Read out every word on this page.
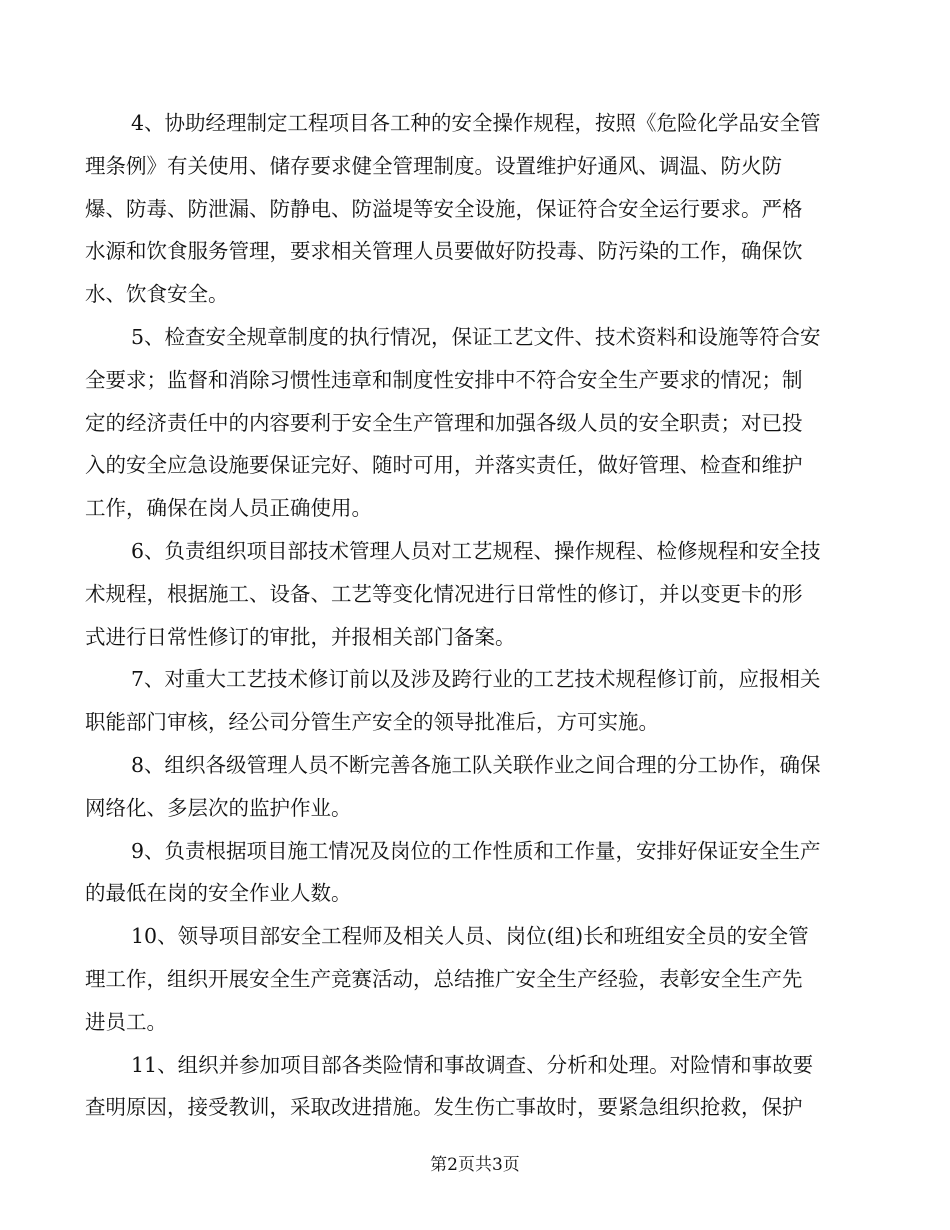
4、协助经理制定工程项目各工种的安全操作规程，按照《危险化学品安全管
理条例》有关使用、储存要求健全管理制度。设置维护好通风、调温、防火防
爆、防毒、防泄漏、防静电、防溢堤等安全设施，保证符合安全运行要求。严格
水源和饮食服务管理，要求相关管理人员要做好防投毒、防污染的工作，确保饮
水、饮食安全。
5、检查安全规章制度的执行情况，保证工艺文件、技术资料和设施等符合安
全要求；监督和消除习惯性违章和制度性安排中不符合安全生产要求的情况；制
定的经济责任中的内容要利于安全生产管理和加强各级人员的安全职责；对已投
入的安全应急设施要保证完好、随时可用，并落实责任，做好管理、检查和维护
工作，确保在岗人员正确使用。
6、负责组织项目部技术管理人员对工艺规程、操作规程、检修规程和安全技
术规程，根据施工、设备、工艺等变化情况进行日常性的修订，并以变更卡的形
式进行日常性修订的审批，并报相关部门备案。
7、对重大工艺技术修订前以及涉及跨行业的工艺技术规程修订前，应报相关
职能部门审核，经公司分管生产安全的领导批准后，方可实施。
8、组织各级管理人员不断完善各施工队关联作业之间合理的分工协作，确保
网络化、多层次的监护作业。
9、负责根据项目施工情况及岗位的工作性质和工作量，安排好保证安全生产
的最低在岗的安全作业人数。
10、领导项目部安全工程师及相关人员、岗位(组)长和班组安全员的安全管
理工作，组织开展安全生产竞赛活动，总结推广安全生产经验，表彰安全生产先
进员工。
11、组织并参加项目部各类险情和事故调查、分析和处理。对险情和事故要
查明原因，接受教训，采取改进措施。发生伤亡事故时，要紧急组织抢救，保护
第2页共3页
